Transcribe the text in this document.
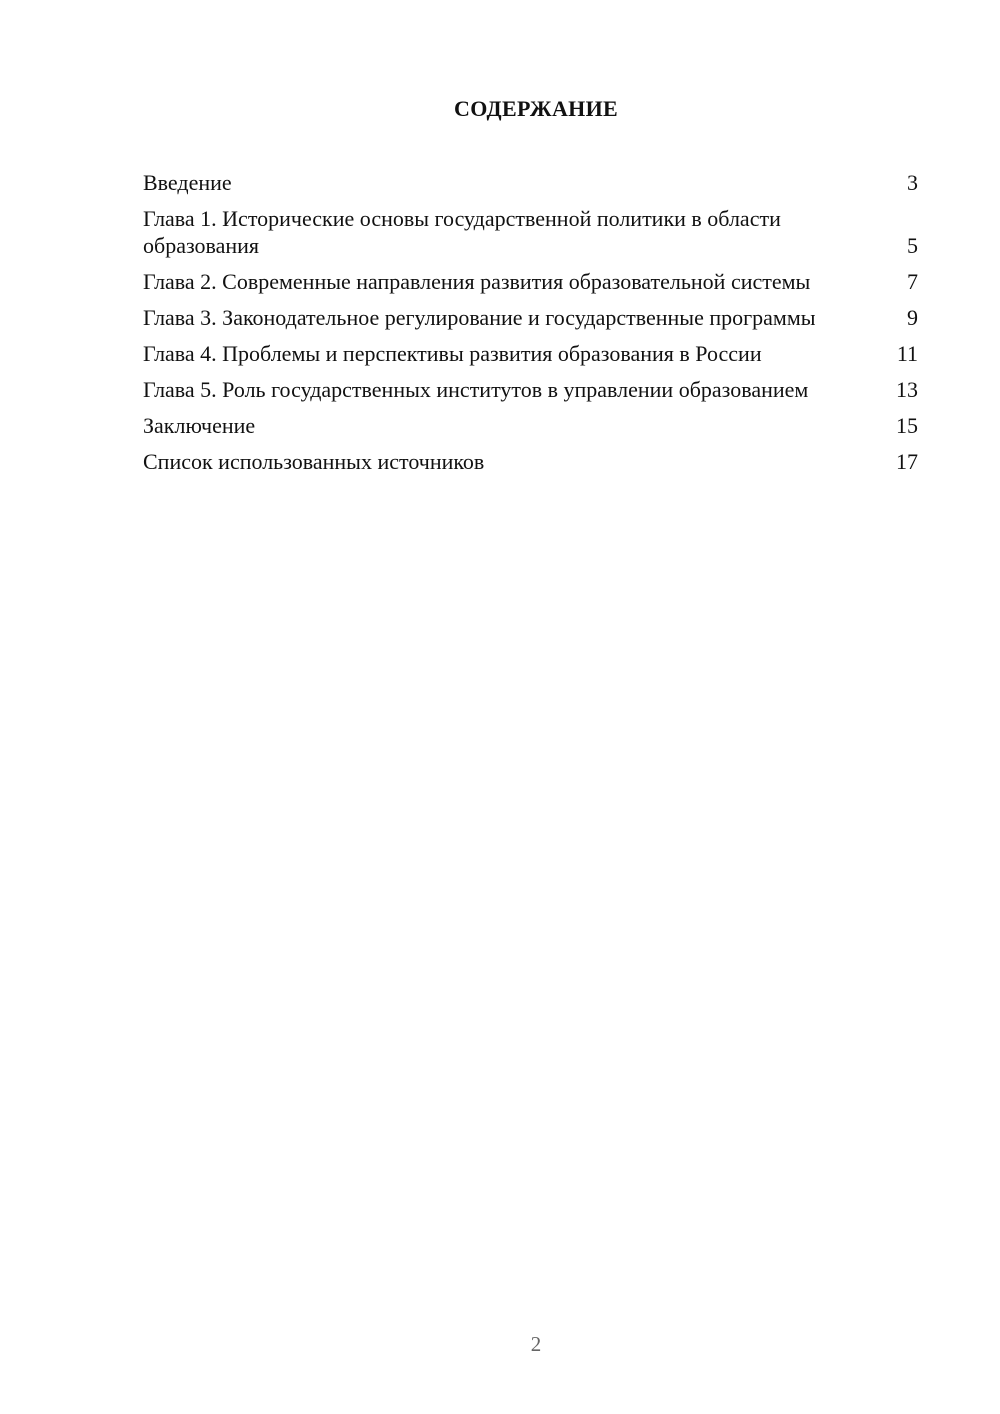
СОДЕРЖАНИЕ
Введение	3
Глава 1. Исторические основы государственной политики в области образования	5
Глава 2. Современные направления развития образовательной системы	7
Глава 3. Законодательное регулирование и государственные программы	9
Глава 4. Проблемы и перспективы развития образования в России	11
Глава 5. Роль государственных институтов в управлении образованием	13
Заключение	15
Список использованных источников	17
2
